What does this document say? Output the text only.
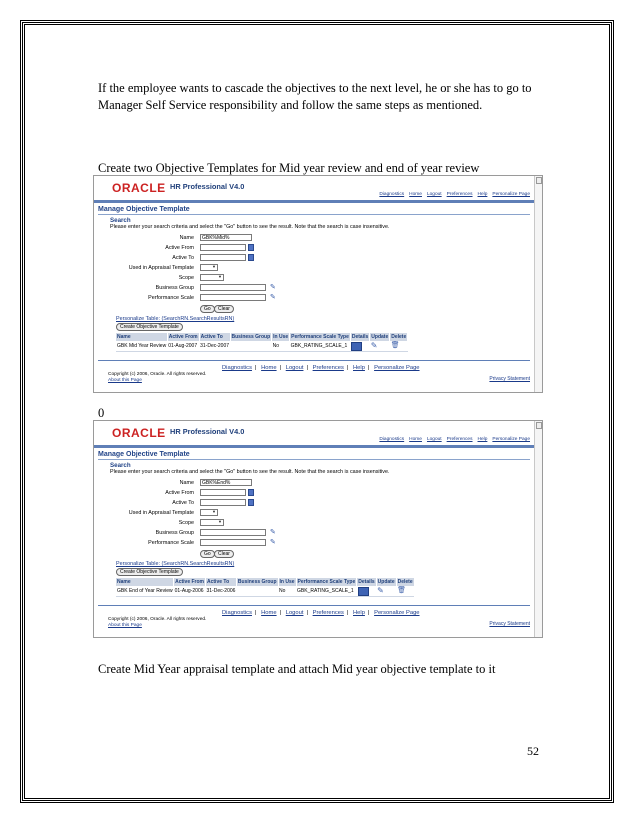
If the employee wants to cascade the objectives to the next level, he or she has to go to Manager Self Service responsibility and follow the same steps as mentioned.
Create two Objective Templates for Mid year review and end of year review
ORACLE HR Professional V4.0
Diagnostics Home Logout Preferences Help Personalize Page
Manage Objective Template
Search
Please enter your search criteria and select the "Go" button to see the result. Note that the search is case insensitive.
Name	GBK%Mid%
Active From
Active To
Used in Appraisal Template
▼
Scope
▼
Business Group	✎
Performance Scale	✎
Go	Clear
Personalize Table: (SearchRN.SearchResultsRN)
Create Objective Template
Name	Active From	Active To	Business Group	In Use	Performance Scale Type	Details	Update	Delete
GBK Mid Year Review	01-Aug-2007	31-Dec-2007		No	GBK_RATING_SCALE_1		✎	🗑
Diagnostics | Home | Logout | Preferences | Help | Personalize Page
Copyright (c) 2006, Oracle. All rights reserved.
About this Page	Privacy Statement
0
ORACLE HR Professional V4.0
Diagnostics Home Logout Preferences Help Personalize Page
Manage Objective Template
Search
Please enter your search criteria and select the "Go" button to see the result. Note that the search is case insensitive.
Name	GBK%End%
Active From
Active To
Used in Appraisal Template
▼
Scope
▼
Business Group	✎
Performance Scale	✎
Go	Clear
Personalize Table: (SearchRN.SearchResultsRN)
Create Objective Template
Name	Active From	Active To	Business Group	In Use	Performance Scale Type	Details	Update	Delete
GBK End of Year Review	01-Aug-2006	31-Dec-2006		No	GBK_RATING_SCALE_1		✎	🗑
Diagnostics | Home | Logout | Preferences | Help | Personalize Page
Copyright (c) 2006, Oracle. All rights reserved.
About this Page	Privacy Statement
Create Mid Year appraisal template and attach Mid year objective template to it
52
